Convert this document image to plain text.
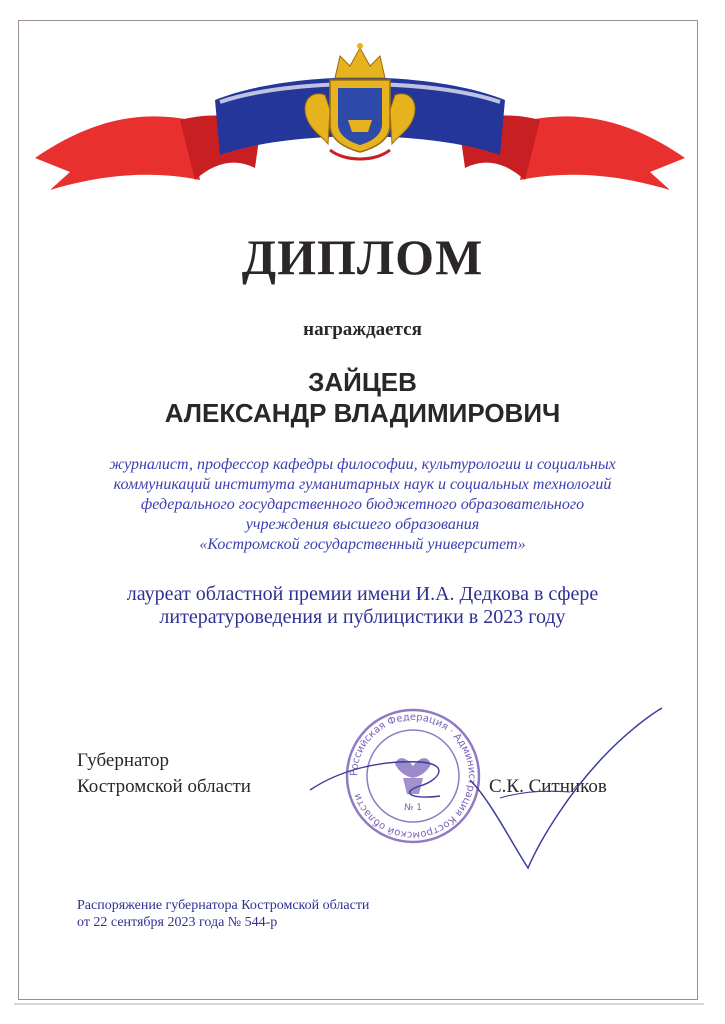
ДИПЛОМ
награждается
ЗАЙЦЕВ
АЛЕКСАНДР ВЛАДИМИРОВИЧ
журналист, профессор кафедры философии, культурологии и социальных
коммуникаций института гуманитарных наук и социальных технологий
федерального государственного бюджетного образовательного
учреждения высшего образования
«Костромской государственный университет»
лауреат областной премии имени И.А. Дедкова в сфере
литературоведения и публицистики в 2023 году
Губернатор
Костромской области	С.К. Ситников
Российская Федерация · Администрация Костромской области
№ 1
Распоряжение губернатора Костромской области
от 22 сентября 2023 года № 544-р
